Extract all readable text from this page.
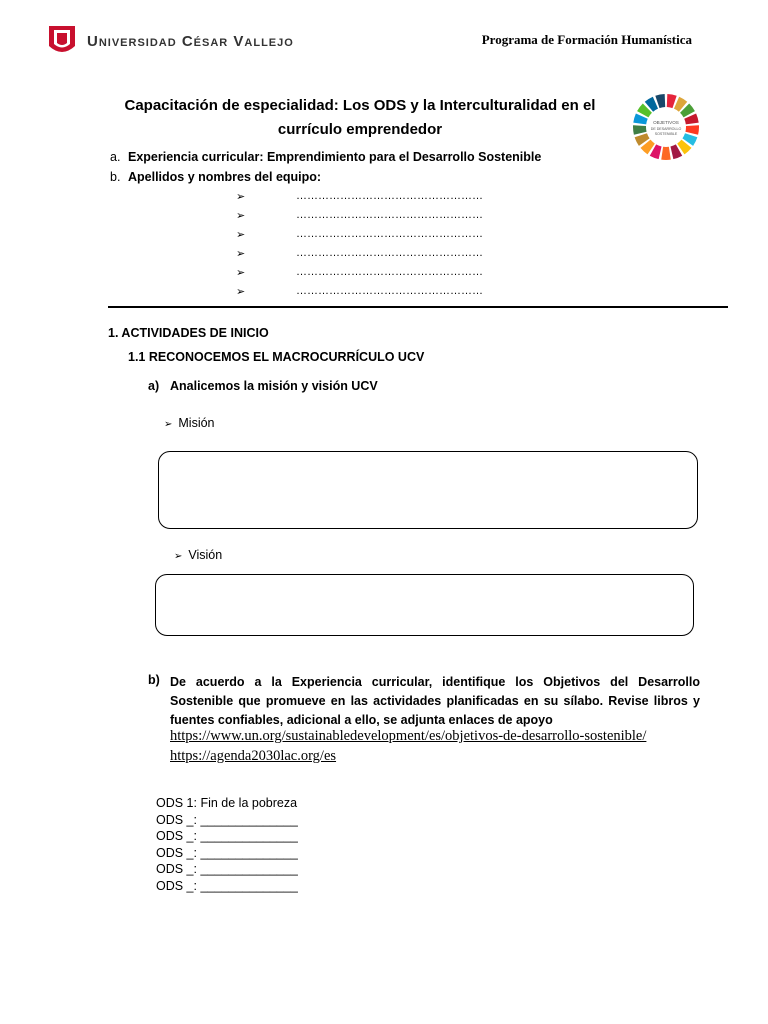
Universidad César Vallejo	Programa de Formación Humanística
Capacitación de especialidad: Los ODS y la Interculturalidad en el
currículo emprendedor	OBJETIVOS
DE DESARROLLO
SOSTENIBLE
a. Experiencia curricular: Emprendimiento para el Desarrollo Sostenible
b. Apellidos y nombres del equipo:
➢	……………………………………………
➢	……………………………………………
➢	……………………………………………
➢	……………………………………………
➢	……………………………………………
➢	……………………………………………
1. ACTIVIDADES DE INICIO
1.1 RECONOCEMOS EL MACROCURRÍCULO UCV
a) Analicemos la misión y visión UCV
➢ Misión
➢ Visión
b) De acuerdo a la Experiencia curricular, identifique los Objetivos del Desarrollo Sostenible que promueve en las actividades planificadas en su sílabo. Revise libros y fuentes confiables, adicional a ello, se adjunta enlaces de apoyo
https://www.un.org/sustainabledevelopment/es/objetivos-de-desarrollo-sostenible/
https://agenda2030lac.org/es
ODS 1: Fin de la pobreza
ODS _: ______________
ODS _: ______________
ODS _: ______________
ODS _: ______________
ODS _: ______________
